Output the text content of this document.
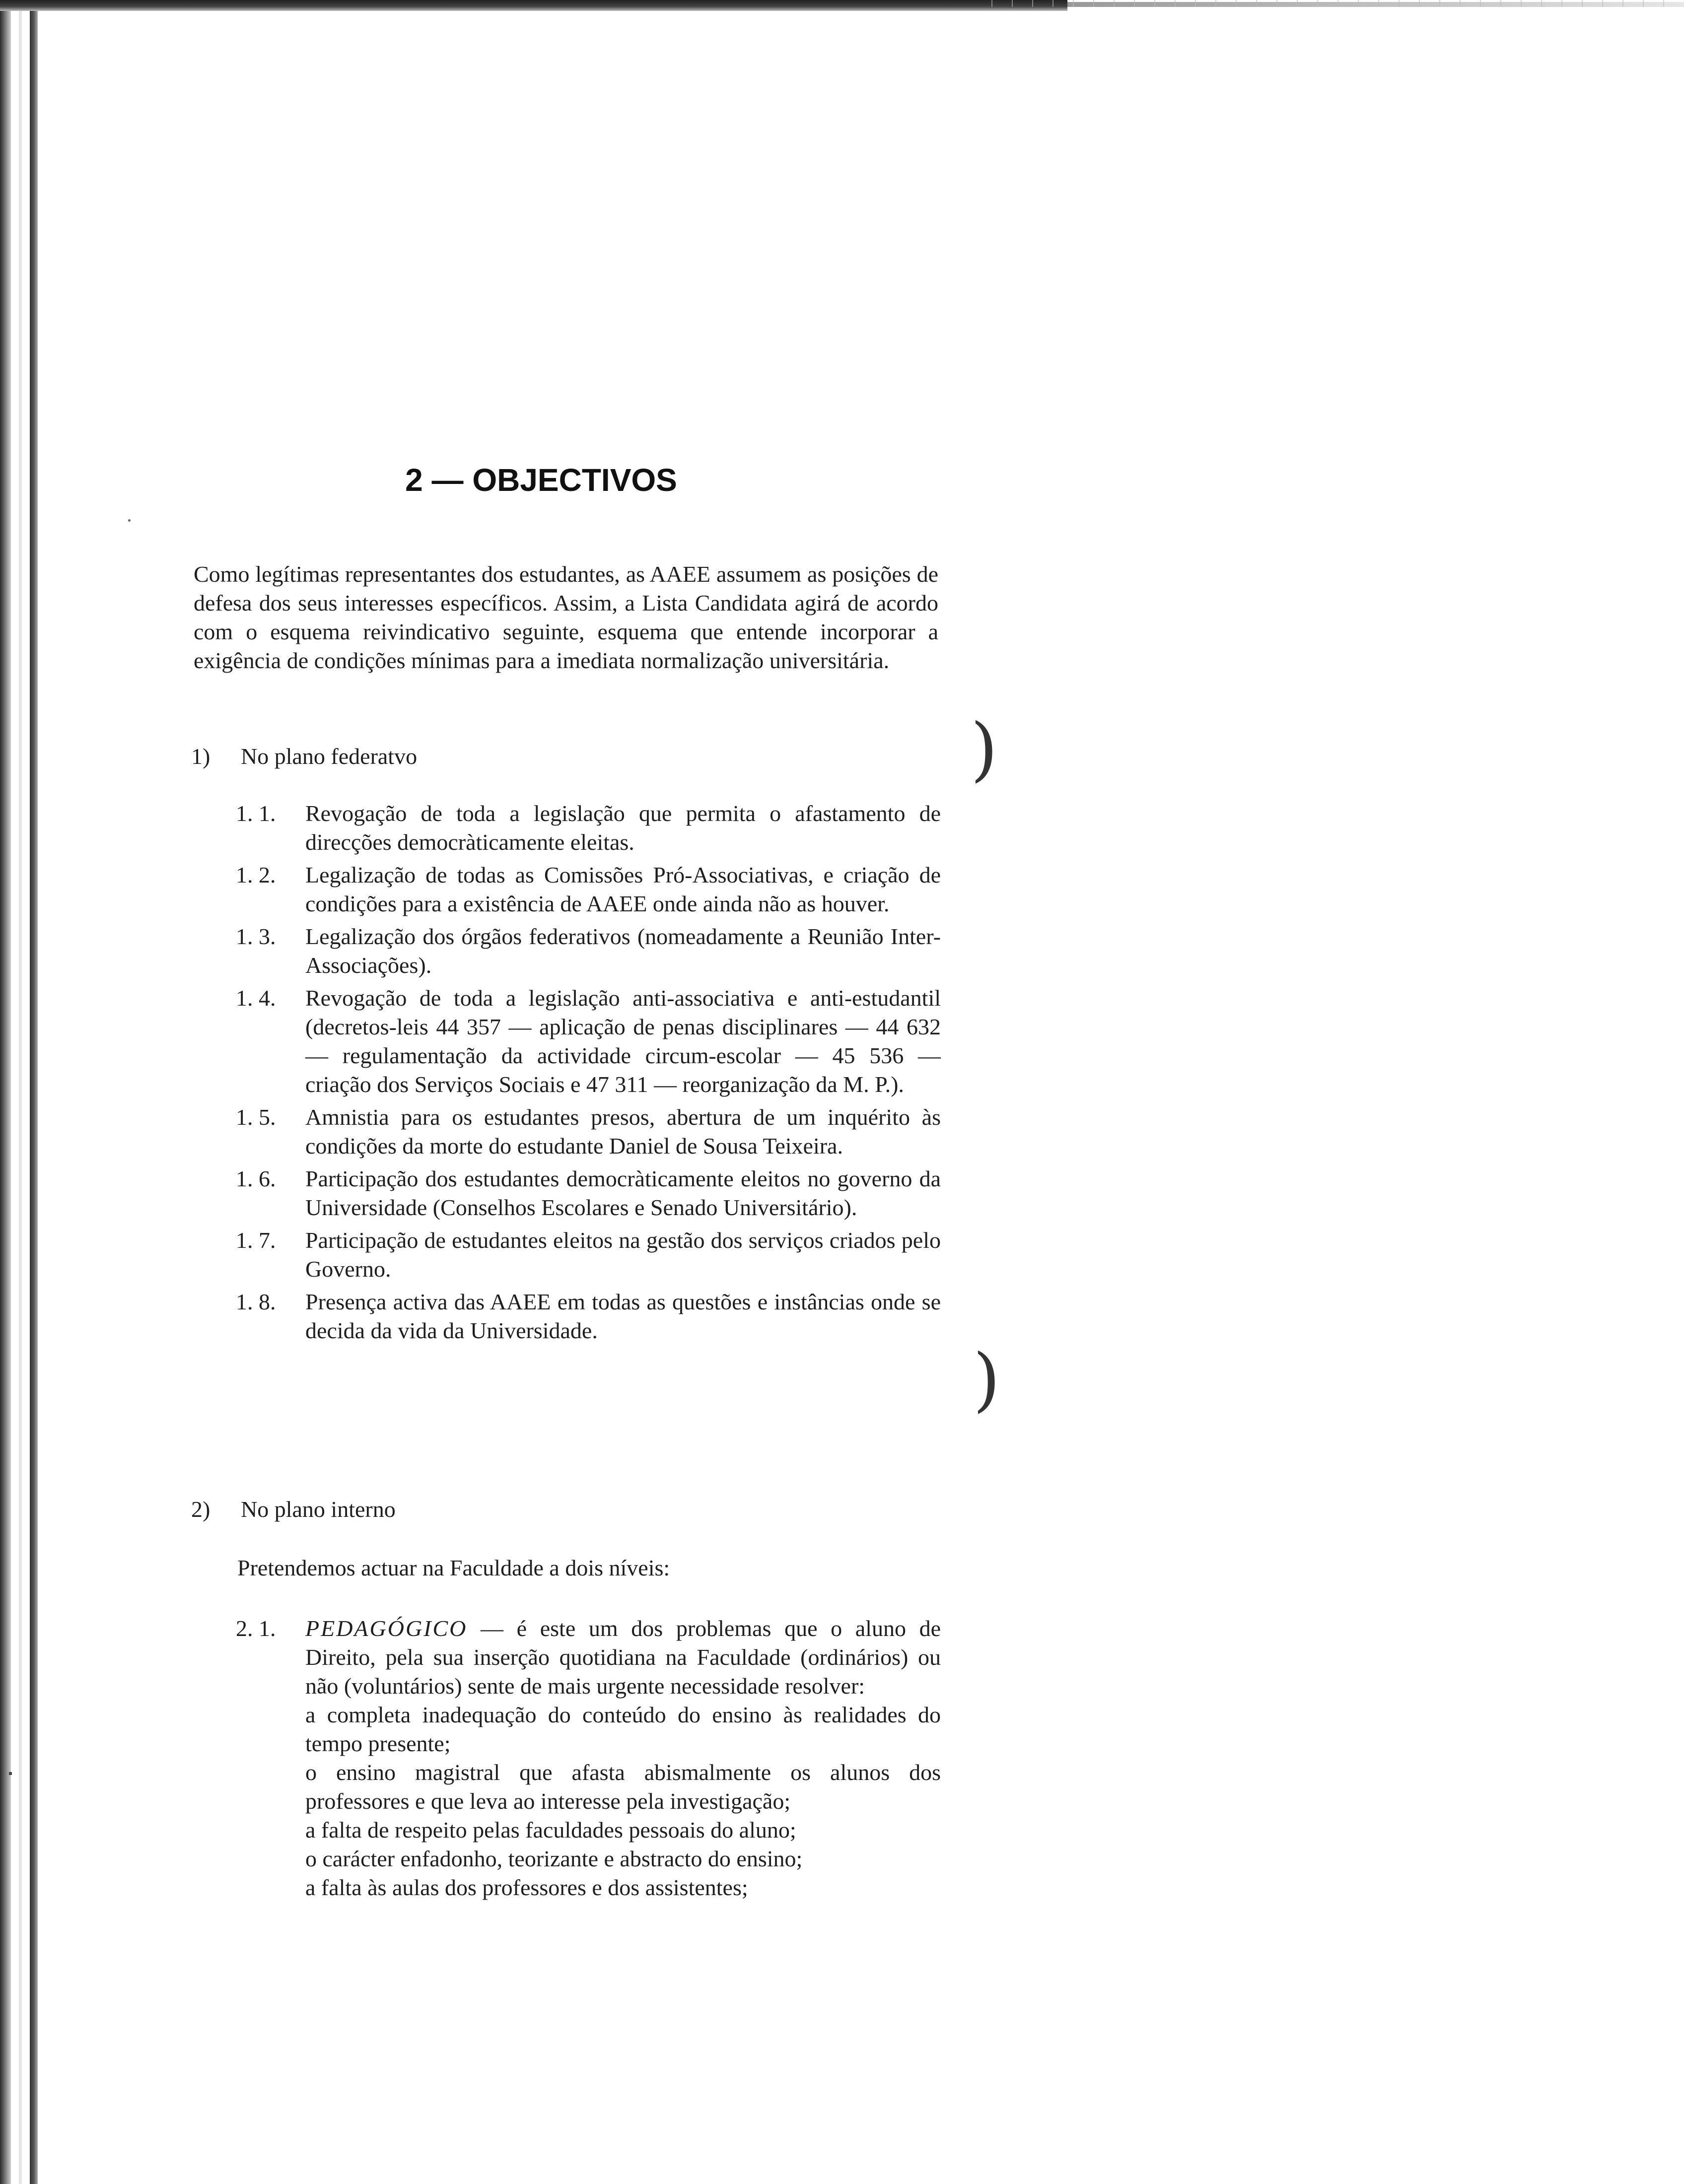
)
)
2 — OBJECTIVOS

Como legítimas representantes dos estudantes, as AAEE assumem as posições de defesa dos seus interesses específicos. Assim, a Lista Candidata agirá de acordo com o esquema reivindicativo seguinte, esquema que entende incorporar a exigência de condições mínimas para a imediata normalização universitária.

1) No plano federatvo

1. 1.	Revogação de toda a legislação que permita o afastamento de direcções democràticamente eleitas.
1. 2.	Legalização de todas as Comissões Pró-Associativas, e criação de condições para a existência de AAEE onde ainda não as houver.
1. 3.	Legalização dos órgãos federativos (nomeadamente a Reunião Inter-Associações).
1. 4.	Revogação de toda a legislação anti-associativa e anti-estudantil (decretos-leis 44 357 — aplicação de penas disciplinares — 44 632 — regulamentação da actividade circum-escolar — 45 536 — criação dos Serviços Sociais e 47 311 — reorganização da M. P.).
1. 5.	Amnistia para os estudantes presos, abertura de um inquérito às condições da morte do estudante Daniel de Sousa Teixeira.
1. 6.	Participação dos estudantes democràticamente eleitos no governo da Universidade (Conselhos Escolares e Senado Universitário).
1. 7.	Participação de estudantes eleitos na gestão dos serviços criados pelo Governo.
1. 8.	Presença activa das AAEE em todas as questões e instâncias onde se decida da vida da Universidade.

2) No plano interno

Pretendemos actuar na Faculdade a dois níveis:

2. 1.	PEDAGÓGICO — é este um dos problemas que o aluno de Direito, pela sua inserção quotidiana na Faculdade (ordinários) ou não (voluntários) sente de mais urgente necessidade resolver:
a completa inadequação do conteúdo do ensino às realidades do tempo presente;
o ensino magistral que afasta abismalmente os alunos dos professores e que leva ao interesse pela investigação;
a falta de respeito pelas faculdades pessoais do aluno;
o carácter enfadonho, teorizante e abstracto do ensino;
a falta às aulas dos professores e dos assistentes;
